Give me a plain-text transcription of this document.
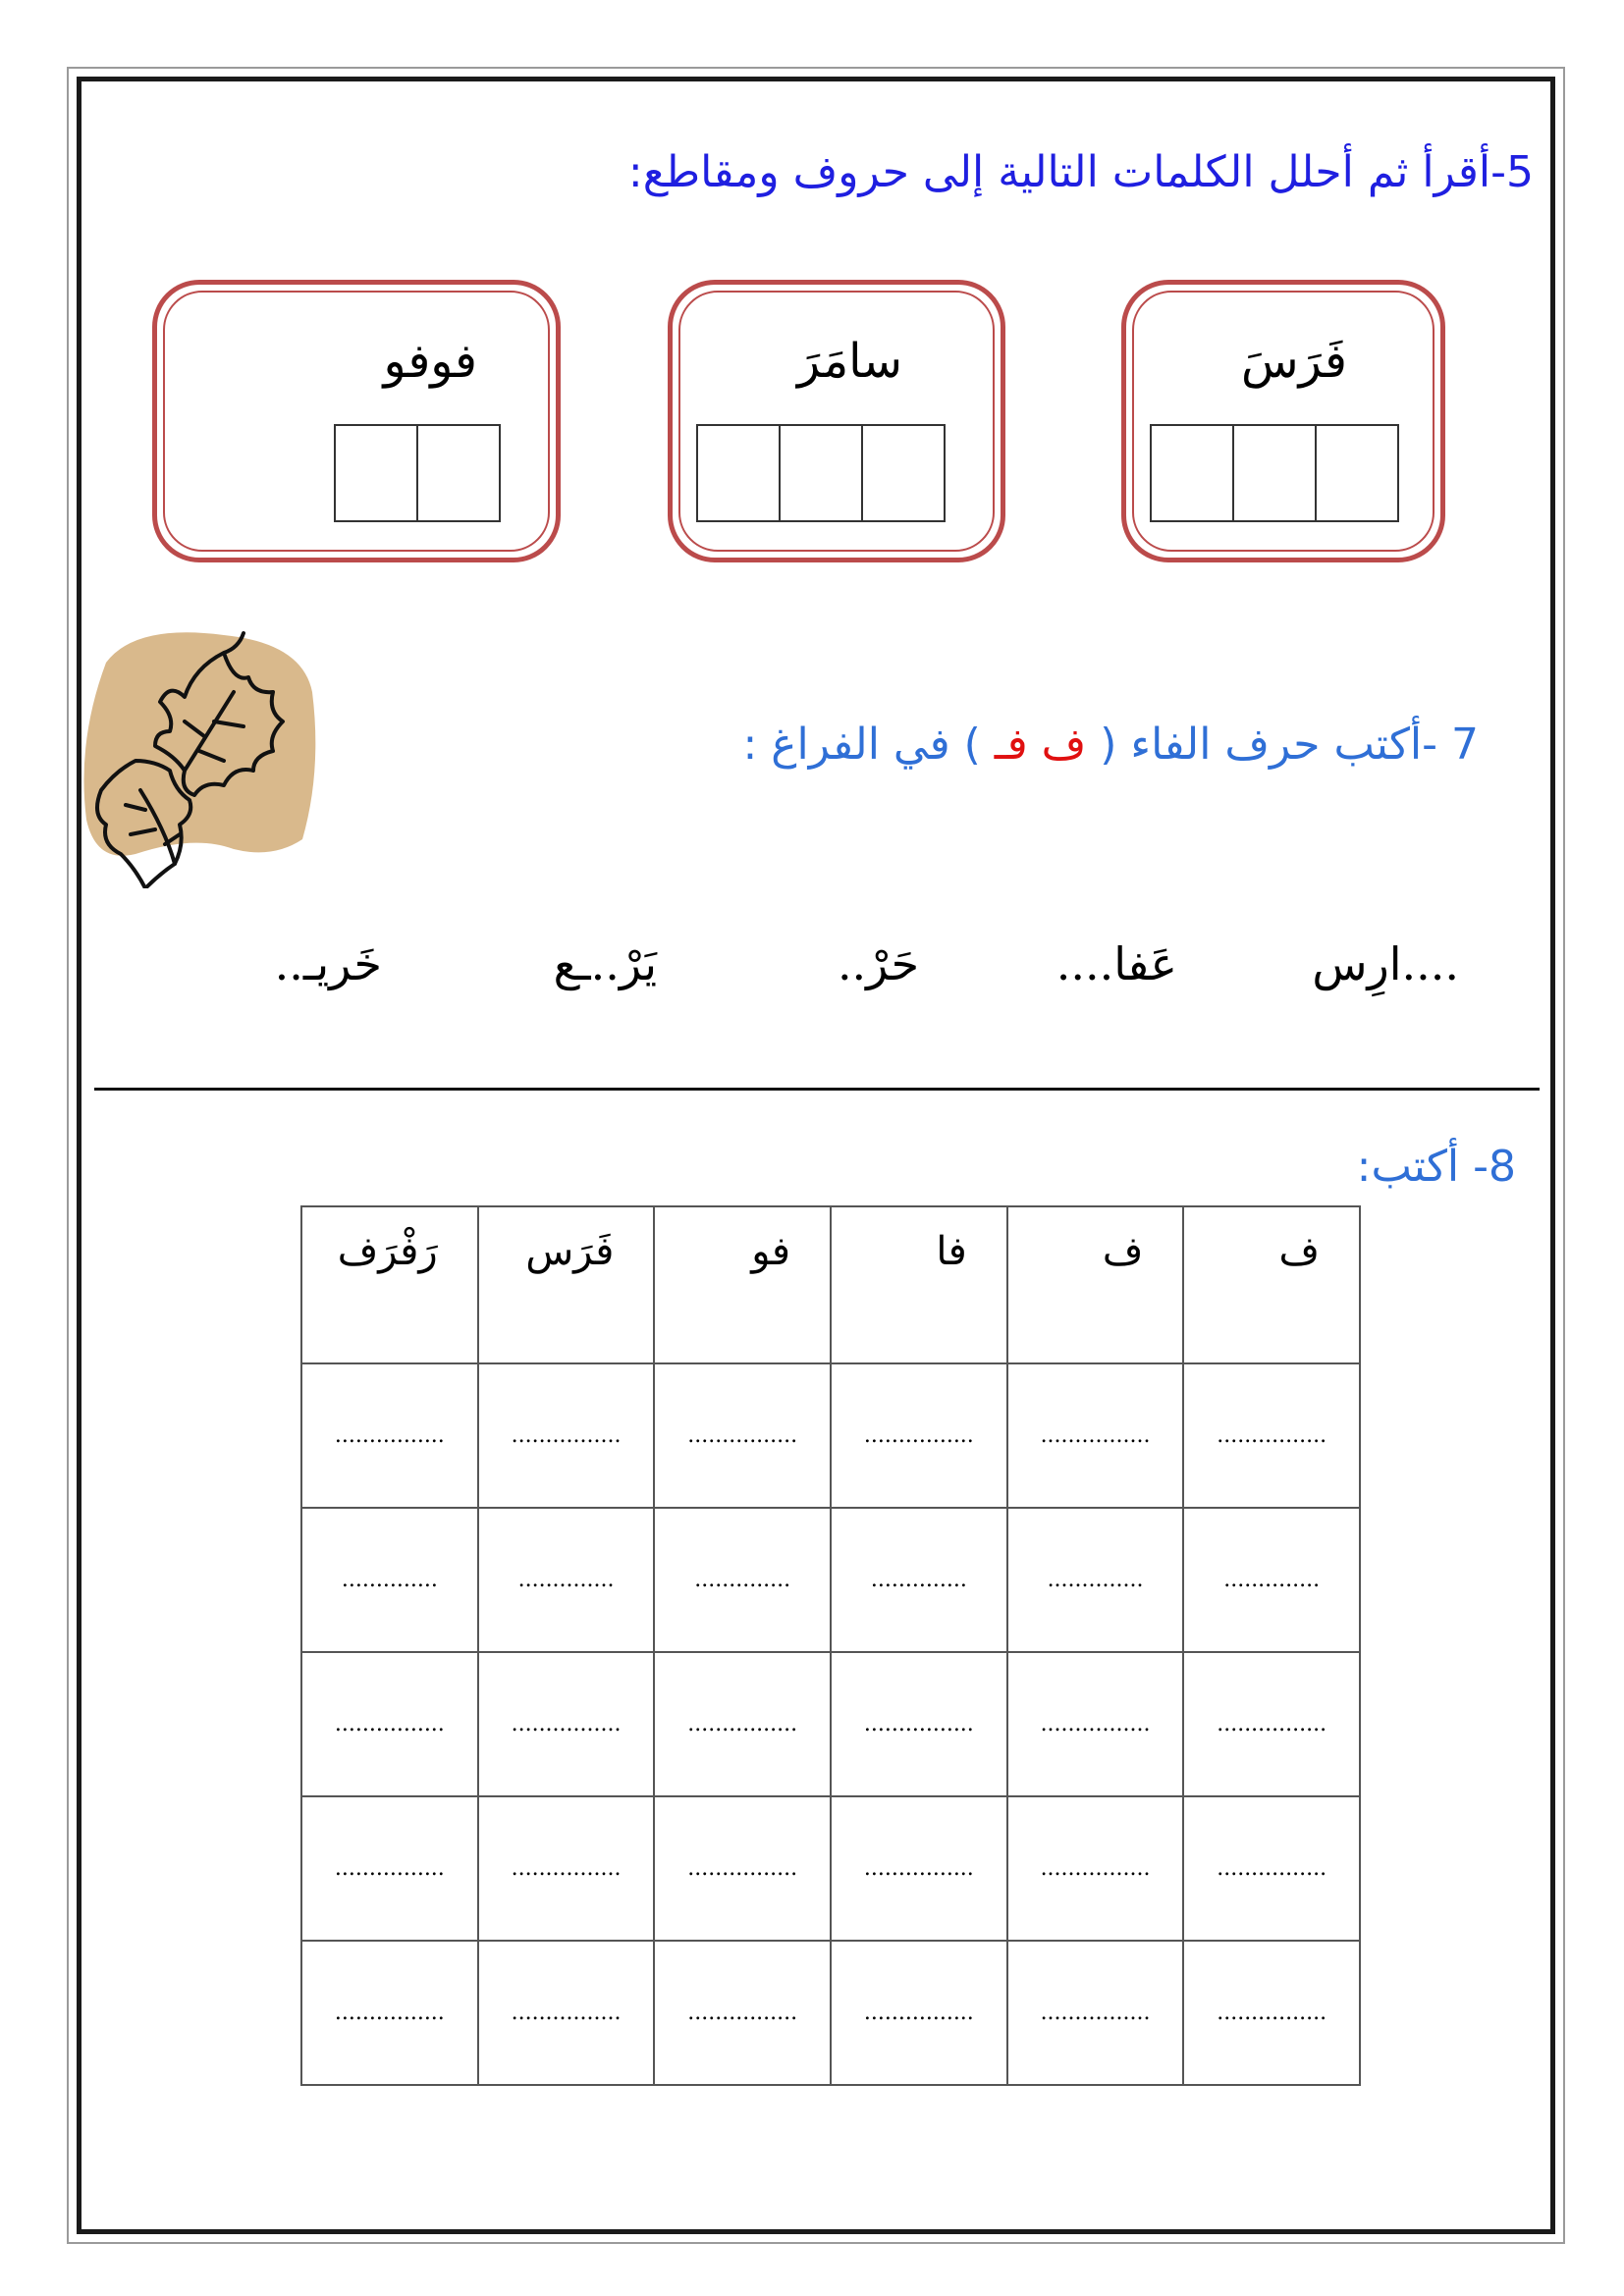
5-أقرأ ثم أحلل الكلمات التالية إلى حروف ومقاطع:
فَرَسَ
سامَرَ
فوفو
7 -أكتب حرف الفاء ( ف فـ ) في الفراغ :
....ارِس
عَفا....
حَرْ..
يَرْ..ـع
خَريـ..
8- أكتب:
ف	ف	فا	فو	فَرَس	رَفْرَف
................	................	................	................	................	................
..............	..............	..............	..............	..............	..............
................	................	................	................	................	................
................	................	................	................	................	................
................	................	................	................	................	................
